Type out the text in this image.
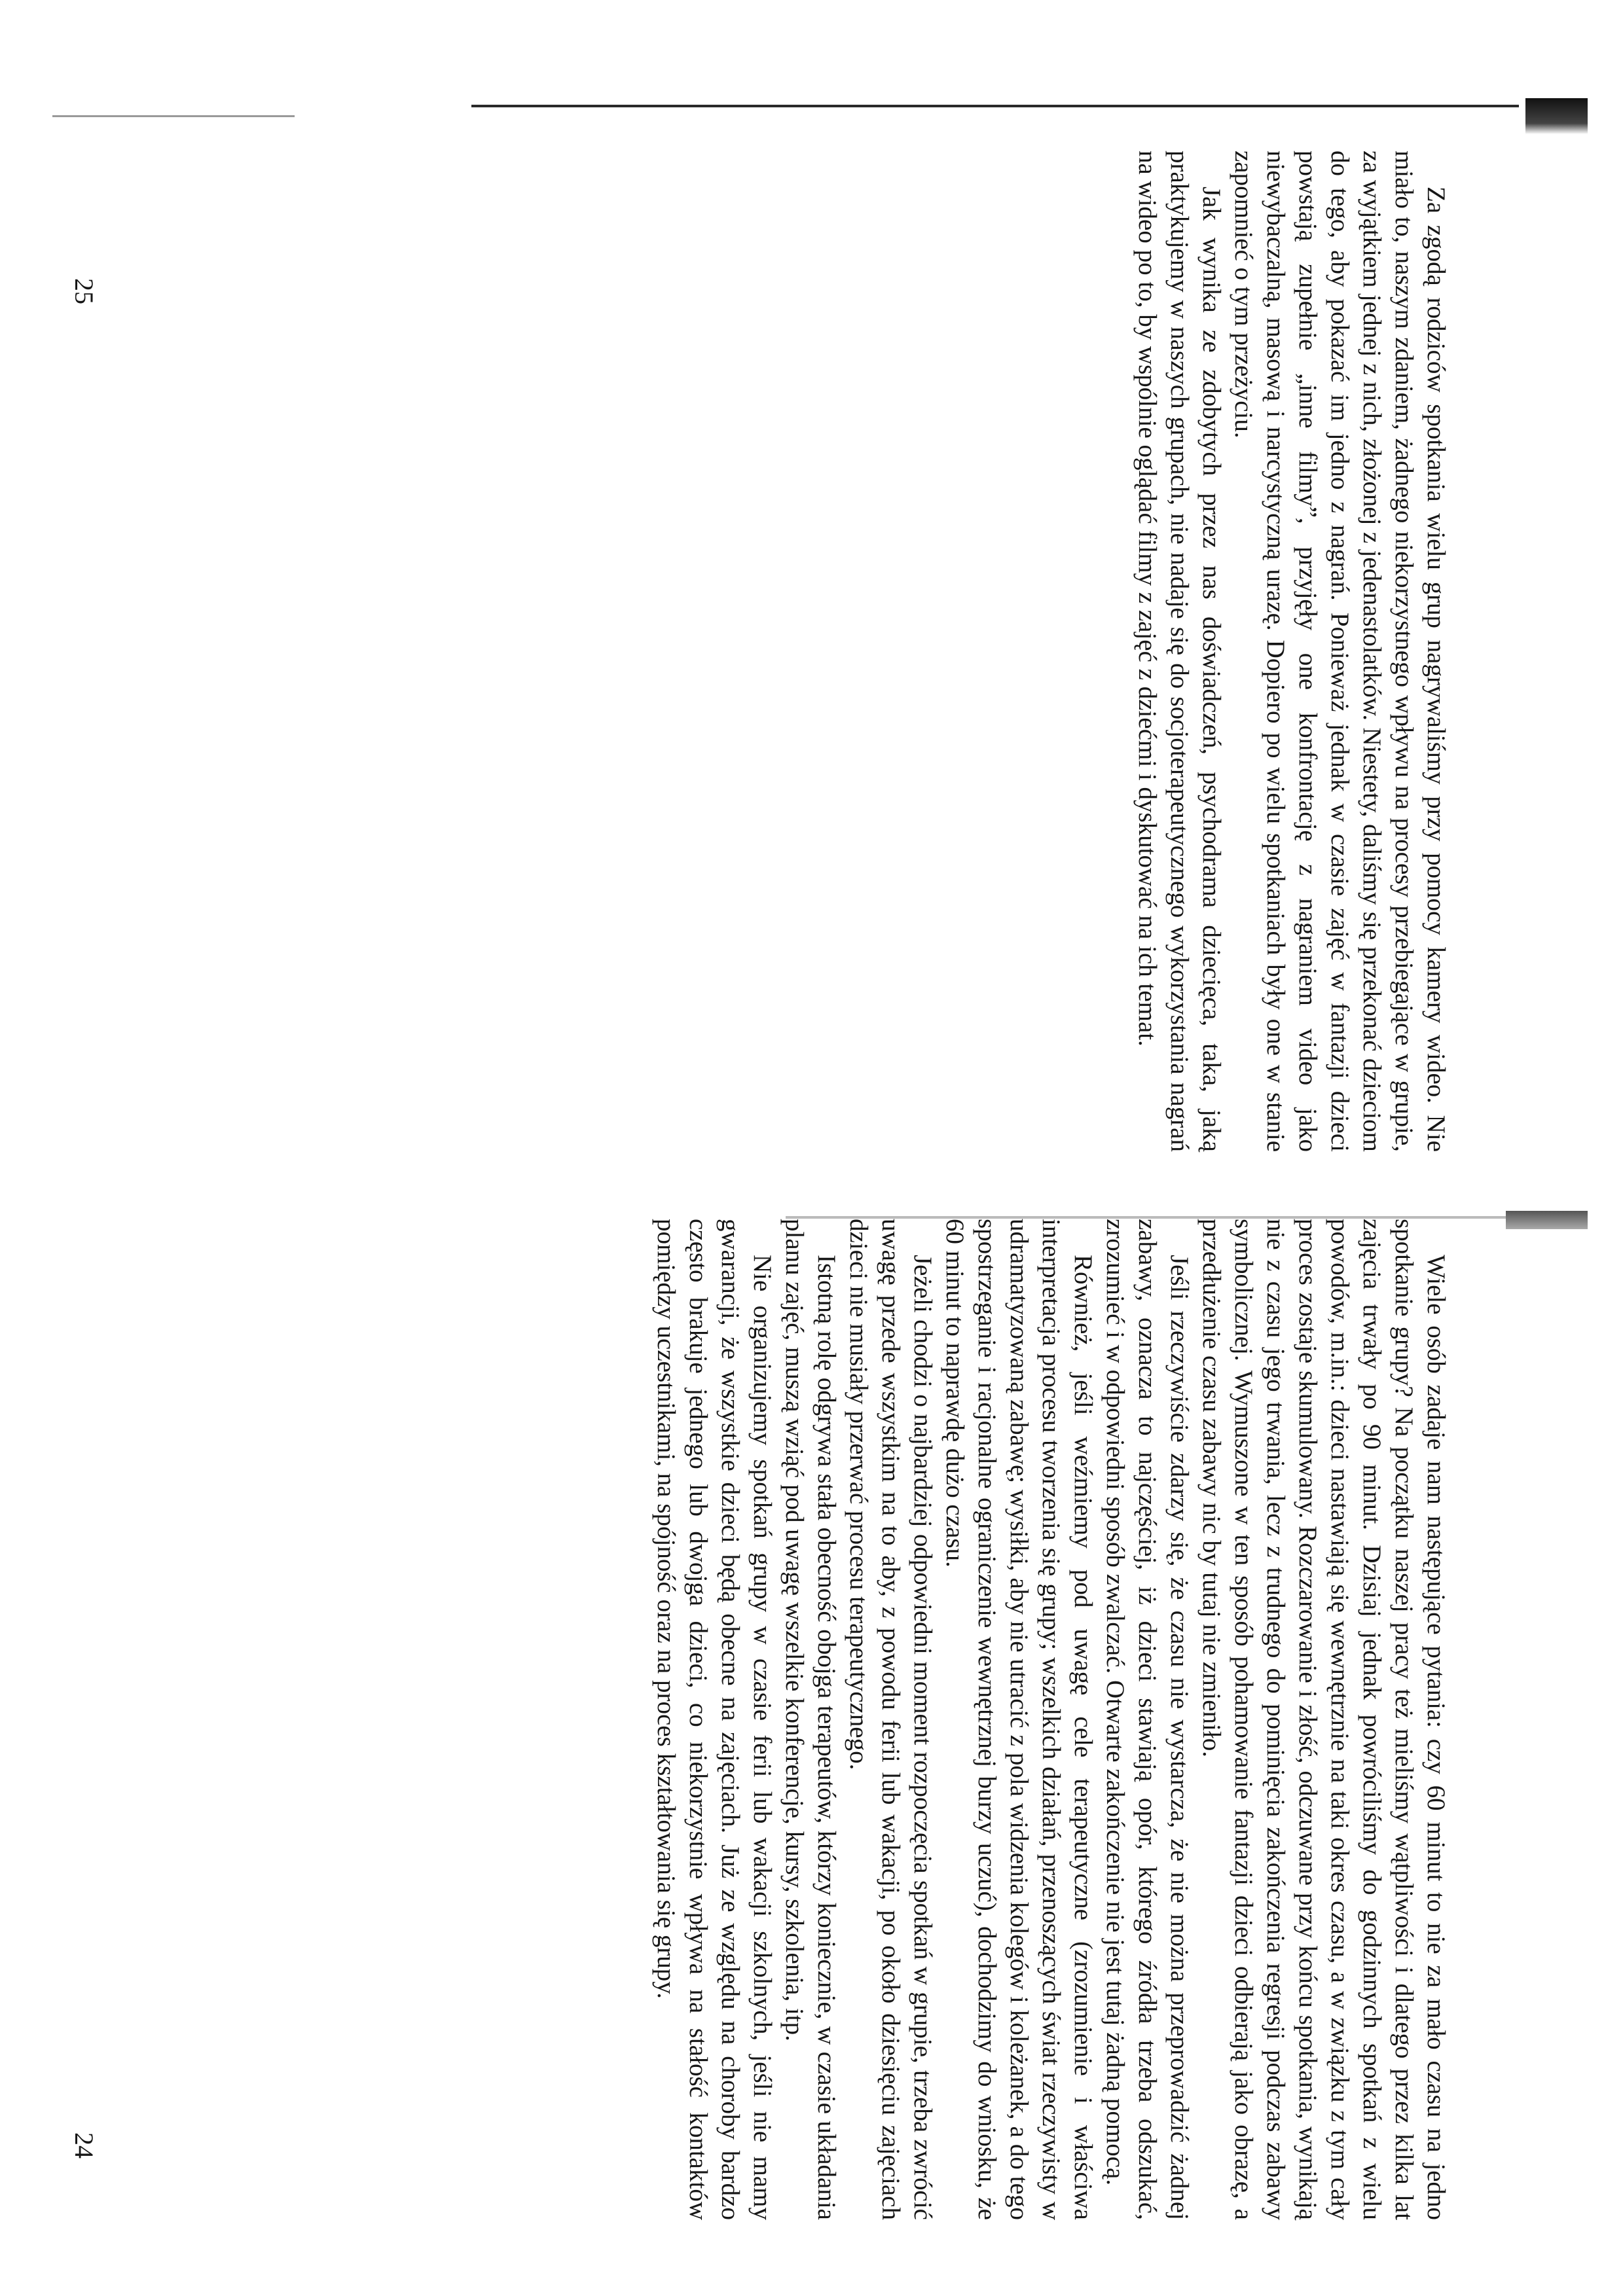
Wiele osób zadaje nam następujące pytania: czy 60 minut to nie za mało czasu na jedno spotkanie grupy? Na początku naszej pracy też mieliśmy wątpliwości i dlatego przez kilka lat zajęcia trwały po 90 minut. Dzisiaj jednak powróciliśmy do godzinnych spotkań z wielu powodów, m.in.: dzieci nastawiają się wewnętrznie na taki okres czasu, a w związku z tym cały proces zostaje skumulowany. Rozczarowanie i złość, odczuwane przy końcu spotkania, wynikają nie z czasu jego trwania, lecz z trudnego do pominięcia zakończenia regresji podczas zabawy symbolicznej. Wymuszone w ten sposób pohamowanie fantazji dzieci odbierają jako obrazę, a przedłużenie czasu zabawy nic by tutaj nie zmieniło.

Jeśli rzeczywiście zdarzy się, że czasu nie wystarcza, że nie można przeprowadzić żadnej zabawy, oznacza to najczęściej, iż dzieci stawiają opór, którego źródła trzeba odszukać, zrozumieć i w odpowiedni sposób zwalczać. Otwarte zakończenie nie jest tutaj żadną pomocą.

Również, jeśli weźmiemy pod uwagę cele terapeutyczne (zrozumienie i właściwa interpretacja procesu tworzenia się grupy; wszelkich działań, przenoszących świat rzeczywisty w udramatyzowaną zabawę; wysiłki, aby nie utracić z pola widzenia kolegów i koleżanek, a do tego spostrzeganie i racjonalne ograniczenie wewnętrznej burzy uczuć), dochodzimy do wniosku, że 60 minut to naprawdę dużo czasu.

Jeżeli chodzi o najbardziej odpowiedni moment rozpoczęcia spotkań w grupie, trzeba zwrócić uwagę przede wszystkim na to aby, z powodu ferii lub wakacji, po około dziesięciu zajęciach dzieci nie musiały przerwać procesu terapeutycznego.

Istotną rolę odgrywa stała obecność obojga terapeutów, którzy koniecznie, w czasie układania planu zajęć, muszą wziąć pod uwagę wszelkie konferencje, kursy, szkolenia, itp.

Nie organizujemy spotkań grupy w czasie ferii lub wakacji szkolnych, jeśli nie mamy gwarancji, że wszystkie dzieci będą obecne na zajęciach. Już ze względu na choroby bardzo często brakuje jednego lub dwojga dzieci, co niekorzystnie wpływa na stałość kontaktów pomiędzy uczestnikami, na spójność oraz na proces kształtowania się grupy.

Za zgodą rodziców spotkania wielu grup nagrywaliśmy przy pomocy kamery wideo. Nie miało to, naszym zdaniem, żadnego niekorzystnego wpływu na procesy przebiegające w grupie, za wyjątkiem jednej z nich, złożonej z jedenastolatków. Niestety, daliśmy się przekonać dzieciom do tego, aby pokazać im jedno z nagrań. Ponieważ jednak w czasie zajęć w fantazji dzieci powstają zupełnie „inne filmy”, przyjęły one konfrontację z nagraniem video jako niewybaczalną, masową i narcystyczną urazę. Dopiero po wielu spotkaniach były one w stanie zapomnieć o tym przeżyciu.

Jak wynika ze zdobytych przez nas doświadczeń, psychodrama dziecięca, taka, jaką praktykujemy w naszych grupach, nie nadaje się do socjoterapeutycznego wykorzystania nagrań na wideo po to, by wspólnie oglądać filmy z zajęć z dziećmi i dyskutować na ich temat.

24
25
